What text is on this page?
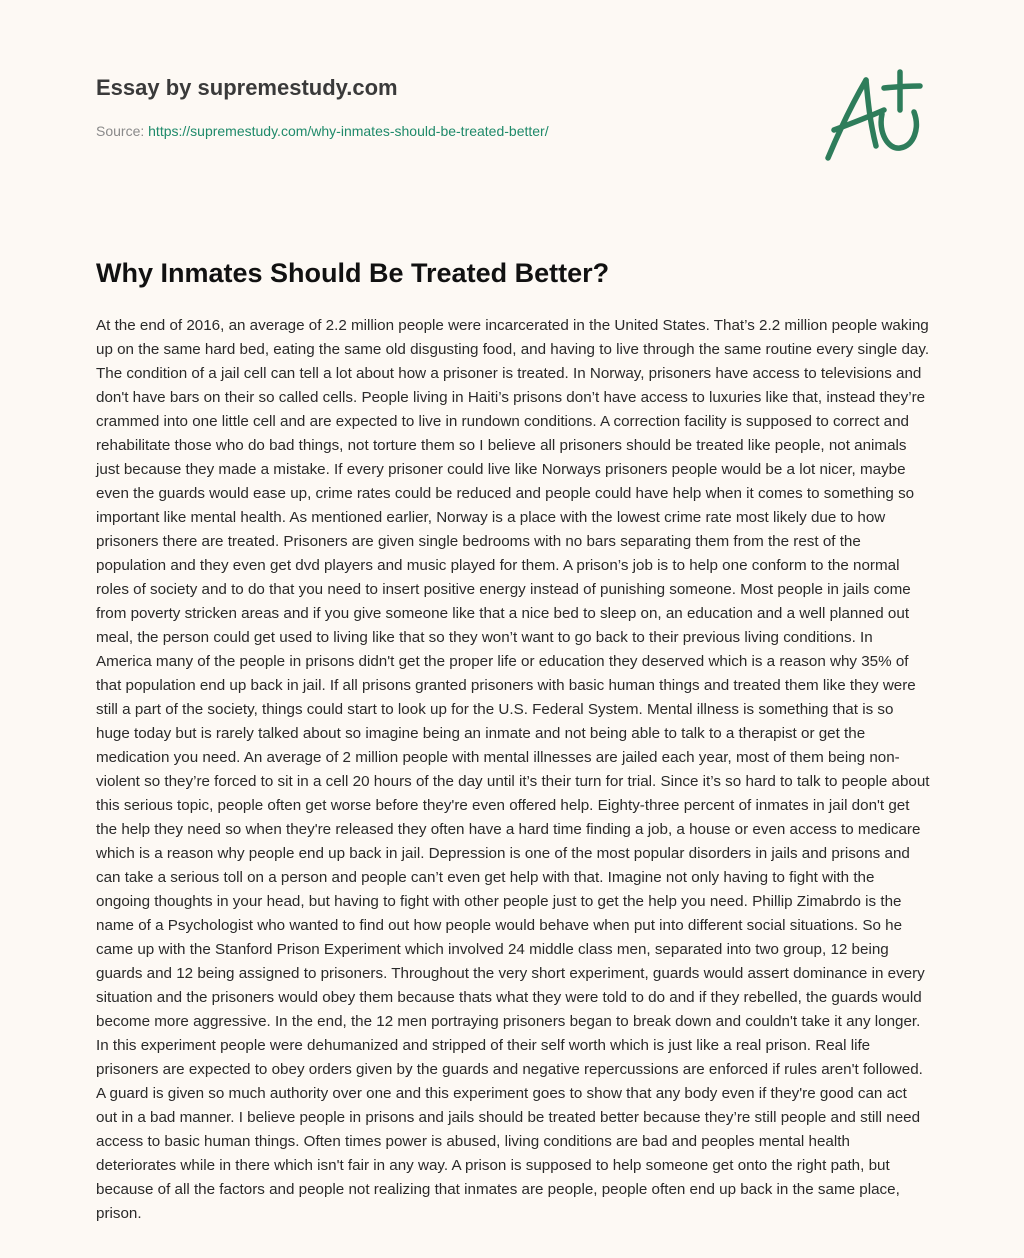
Essay by supremestudy.com
Source: https://supremestudy.com/why-inmates-should-be-treated-better/
Why Inmates Should Be Treated Better?

At the end of 2016, an average of 2.2 million people were incarcerated in the United States. That’s 2.2 million people waking up on the same hard bed, eating the same old disgusting food, and having to live through the same routine every single day. The condition of a jail cell can tell a lot about how a prisoner is treated. In Norway, prisoners have access to televisions and don't have bars on their so called cells. People living in Haiti’s prisons don’t have access to luxuries like that, instead they’re crammed into one little cell and are expected to live in rundown conditions. A correction facility is supposed to correct and rehabilitate those who do bad things, not torture them so I believe all prisoners should be treated like people, not animals just because they made a mistake. If every prisoner could live like Norways prisoners people would be a lot nicer, maybe even the guards would ease up, crime rates could be reduced and people could have help when it comes to something so important like mental health. As mentioned earlier, Norway is a place with the lowest crime rate most likely due to how prisoners there are treated. Prisoners are given single bedrooms with no bars separating them from the rest of the population and they even get dvd players and music played for them. A prison’s job is to help one conform to the normal roles of society and to do that you need to insert positive energy instead of punishing someone. Most people in jails come from poverty stricken areas and if you give someone like that a nice bed to sleep on, an education and a well planned out meal, the person could get used to living like that so they won’t want to go back to their previous living conditions. In America many of the people in prisons didn't get the proper life or education they deserved which is a reason why 35% of that population end up back in jail. If all prisons granted prisoners with basic human things and treated them like they were still a part of the society, things could start to look up for the U.S. Federal System. Mental illness is something that is so huge today but is rarely talked about so imagine being an inmate and not being able to talk to a therapist or get the medication you need. An average of 2 million people with mental illnesses are jailed each year, most of them being non-violent so they’re forced to sit in a cell 20 hours of the day until it’s their turn for trial. Since it’s so hard to talk to people about this serious topic, people often get worse before they're even offered help. Eighty-three percent of inmates in jail don't get the help they need so when they're released they often have a hard time finding a job, a house or even access to medicare which is a reason why people end up back in jail. Depression is one of the most popular disorders in jails and prisons and can take a serious toll on a person and people can’t even get help with that. Imagine not only having to fight with the ongoing thoughts in your head, but having to fight with other people just to get the help you need. Phillip Zimabrdo is the name of a Psychologist who wanted to find out how people would behave when put into different social situations. So he came up with the Stanford Prison Experiment which involved 24 middle class men, separated into two group, 12 being guards and 12 being assigned to prisoners. Throughout the very short experiment, guards would assert dominance in every situation and the prisoners would obey them because thats what they were told to do and if they rebelled, the guards would become more aggressive. In the end, the 12 men portraying prisoners began to break down and couldn't take it any longer. In this experiment people were dehumanized and stripped of their self worth which is just like a real prison. Real life prisoners are expected to obey orders given by the guards and negative repercussions are enforced if rules aren't followed. A guard is given so much authority over one and this experiment goes to show that any body even if they're good can act out in a bad manner. I believe people in prisons and jails should be treated better because they’re still people and still need access to basic human things. Often times power is abused, living conditions are bad and peoples mental health deteriorates while in there which isn't fair in any way. A prison is supposed to help someone get onto the right path, but because of all the factors and people not realizing that inmates are people, people often end up back in the same place, prison.
